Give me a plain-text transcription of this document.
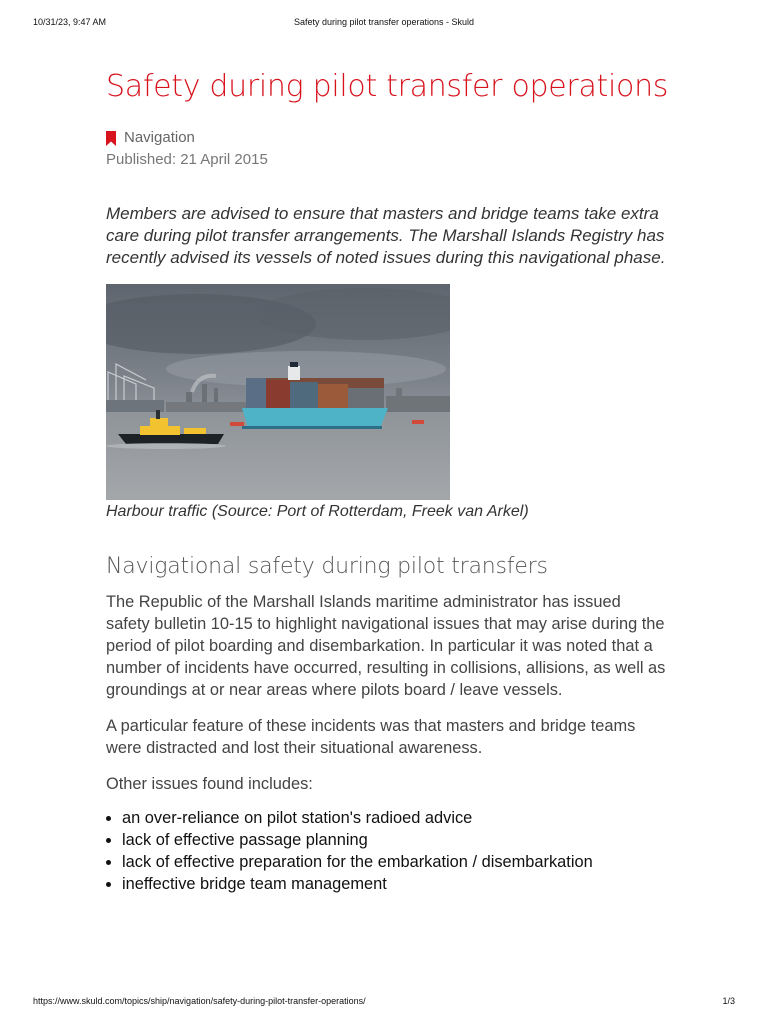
10/31/23, 9:47 AM	Safety during pilot transfer operations - Skuld
Safety during pilot transfer operations
Navigation
Published: 21 April 2015

Members are advised to ensure that masters and bridge teams take extra care during pilot transfer arrangements. The Marshall Islands Registry has recently advised its vessels of noted issues during this navigational phase.

Harbour traffic (Source: Port of Rotterdam, Freek van Arkel)
Navigational safety during pilot transfers

The Republic of the Marshall Islands maritime administrator has issued safety bulletin 10-15 to highlight navigational issues that may arise during the period of pilot boarding and disembarkation. In particular it was noted that a number of incidents have occurred, resulting in collisions, allisions, as well as groundings at or near areas where pilots board / leave vessels.

A particular feature of these incidents was that masters and bridge teams were distracted and lost their situational awareness.

Other issues found includes:

• an over-reliance on pilot station's radioed advice
• lack of effective passage planning
• lack of effective preparation for the embarkation / disembarkation
• ineffective bridge team management
https://www.skuld.com/topics/ship/navigation/safety-during-pilot-transfer-operations/	1/3
